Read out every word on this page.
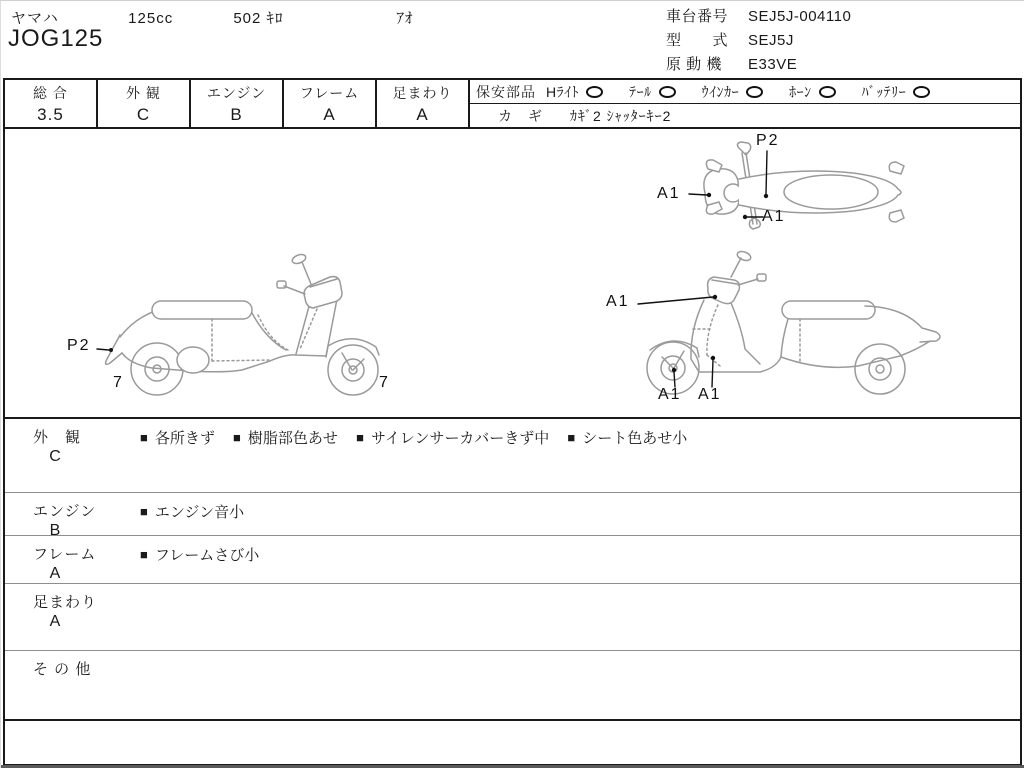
ヤマハ	125cc	502 ｷﾛ	ｱｵ
JOG125
車台番号	SEJ5J-004110
型　　式	SEJ5J
原 動 機	E33VE
総 合
3.5
外 観
C
エンジン
B
フレーム
A
足まわり
A
保安部品 Hﾗｲﾄ	ﾃｰﾙ	ｳｲﾝｶｰ	ﾎｰﾝ	ﾊﾞｯﾃﾘｰ
カ　ギ	ｶｷﾞ2 ｼｬｯﾀｰｷｰ2
P2
A1
A1
P2
7	7
A1
A1 A1
外　観
C
■ 各所きず ■ 樹脂部色あせ ■ サイレンサーカバーきず中 ■ シート色あせ小
エンジン
B
■ エンジン音小
フレーム
A
■ フレームさび小
足まわり
A
そ の 他
